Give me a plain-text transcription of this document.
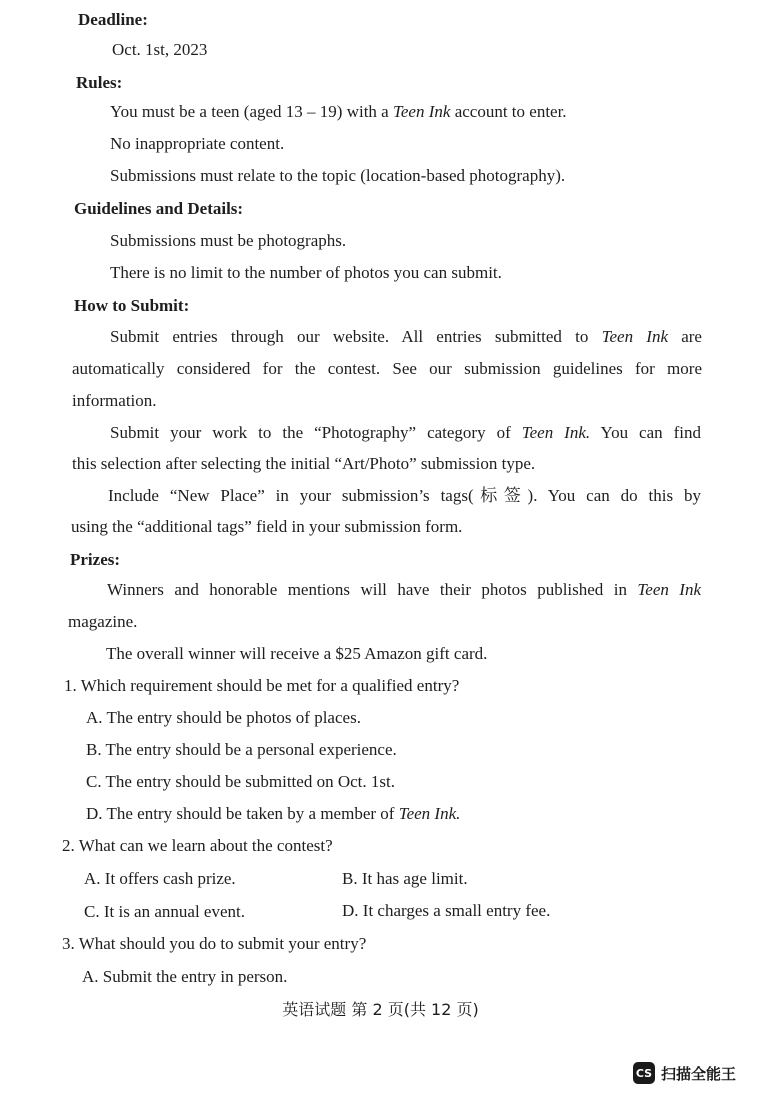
Deadline:
Oct. 1st, 2023
Rules:
You must be a teen (aged 13 – 19) with a Teen Ink account to enter.
No inappropriate content.
Submissions must relate to the topic (location-based photography).
Guidelines and Details:
Submissions must be photographs.
There is no limit to the number of photos you can submit.
How to Submit:
Submit entries through our website. All entries submitted to Teen Ink are
automatically considered for the contest. See our submission guidelines for more
information.
Submit your work to the “Photography” category of Teen Ink. You can find
this selection after selecting the initial “Art/Photo” submission type.
Include “New Place” in your submission’s tags(标签). You can do this by
using the “additional tags” field in your submission form.
Prizes:
Winners and honorable mentions will have their photos published in Teen Ink
magazine.
The overall winner will receive a $25 Amazon gift card.
1. Which requirement should be met for a qualified entry?
A. The entry should be photos of places.
B. The entry should be a personal experience.
C. The entry should be submitted on Oct. 1st.
D. The entry should be taken by a member of Teen Ink.
2. What can we learn about the contest?
A. It offers cash prize.	B. It has age limit.
C. It is an annual event.	D. It charges a small entry fee.
3. What should you do to submit your entry?
A. Submit the entry in person.
英语试题 第 2 页(共 12 页)
CS 扫描全能王
